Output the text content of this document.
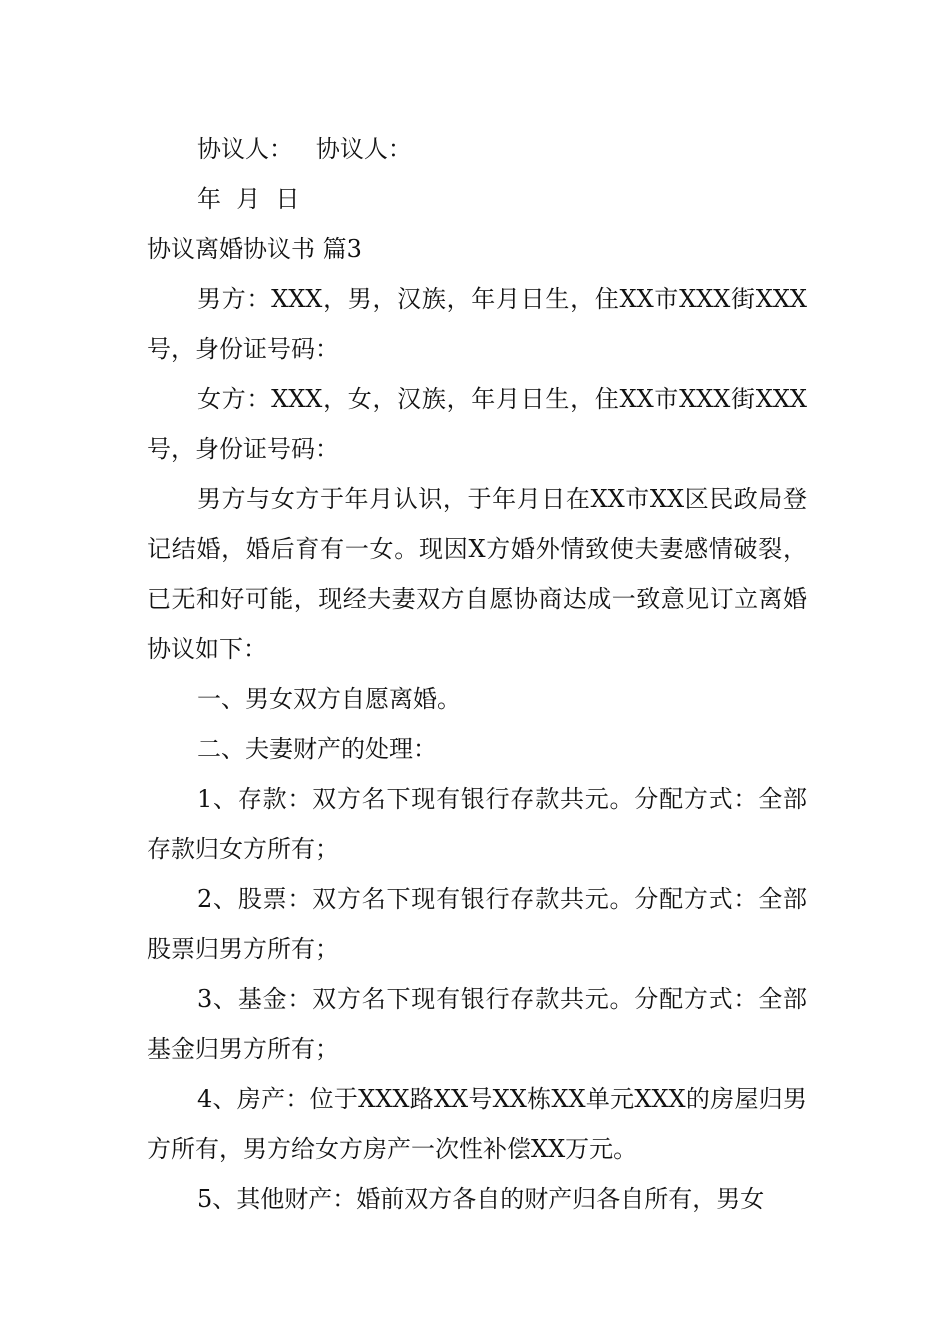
协议人：   协议人：

年  月  日

协议离婚协议书 篇3

男方：XXX，男，汉族，年月日生，住XX市XXX街XXX号，身份证号码：

女方：XXX，女，汉族，年月日生，住XX市XXX街XXX号，身份证号码：

男方与女方于年月认识，于年月日在XX市XX区民政局登记结婚，婚后育有一女。现因X方婚外情致使夫妻感情破裂，已无和好可能，现经夫妻双方自愿协商达成一致意见订立离婚协议如下：

一、男女双方自愿离婚。

二、夫妻财产的处理：

1、存款：双方名下现有银行存款共元。分配方式：全部存款归女方所有；

2、股票：双方名下现有银行存款共元。分配方式：全部股票归男方所有；

3、基金：双方名下现有银行存款共元。分配方式：全部基金归男方所有；

4、房产：位于XXX路XX号XX栋XX单元XXX的房屋归男方所有，男方给女方房产一次性补偿XX万元。

5、其他财产：婚前双方各自的财产归各自所有，男女
